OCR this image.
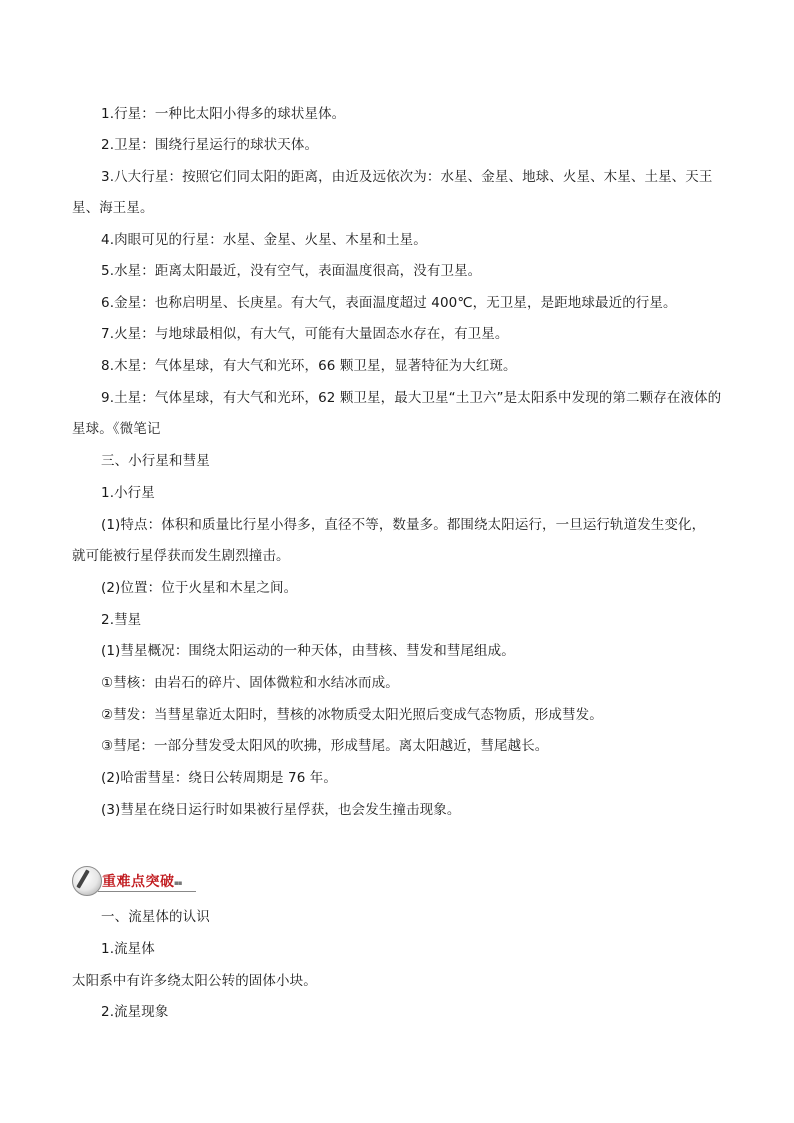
1.行星：一种比太阳小得多的球状星体。
2.卫星：围绕行星运行的球状天体。
3.八大行星：按照它们同太阳的距离，由近及远依次为：水星、金星、地球、火星、木星、土星、天王
星、海王星。
4.肉眼可见的行星：水星、金星、火星、木星和土星。
5.水星：距离太阳最近，没有空气，表面温度很高，没有卫星。
6.金星：也称启明星、长庚星。有大气，表面温度超过 400℃，无卫星，是距地球最近的行星。
7.火星：与地球最相似，有大气，可能有大量固态水存在，有卫星。
8.木星：气体星球，有大气和光环，66 颗卫星，显著特征为大红斑。
9.土星：气体星球，有大气和光环，62 颗卫星，最大卫星“土卫六”是太阳系中发现的第二颗存在液体的
星球。《微笔记
三、小行星和彗星
1.小行星
(1)特点：体积和质量比行星小得多，直径不等，数量多。都围绕太阳运行，一旦运行轨道发生变化，
就可能被行星俘获而发生剧烈撞击。
(2)位置：位于火星和木星之间。
2.彗星
(1)彗星概况：围绕太阳运动的一种天体，由彗核、彗发和彗尾组成。
①彗核：由岩石的碎片、固体微粒和水结冰而成。
②彗发：当彗星靠近太阳时，彗核的冰物质受太阳光照后变成气态物质，形成彗发。
③彗尾：一部分彗发受太阳风的吹拂，形成彗尾。离太阳越近，彗尾越长。
(2)哈雷彗星：绕日公转周期是 76 年。
(3)彗星在绕日运行时如果被行星俘获，也会发生撞击现象。
重难点突破 ▪▪
一、流星体的认识
1.流星体
太阳系中有许多绕太阳公转的固体小块。
2.流星现象
